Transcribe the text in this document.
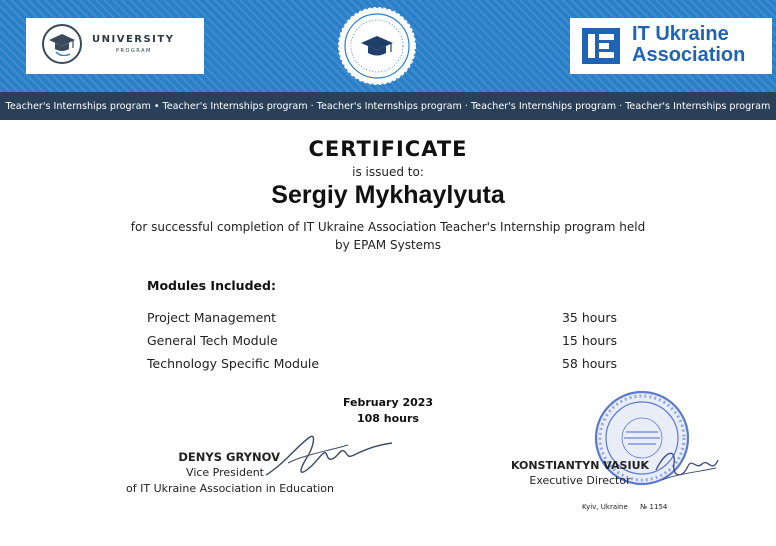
UNIVERSITY
PROGRAM
IT Ukraine
Association
Teacher's Internships program • Teacher's Internships program · Teacher's Internships program · Teacher's Internships program · Teacher's Internships program
CERTIFICATE
is issued to:
Sergiy Mykhaylyuta
for successful completion of IT Ukraine Association Teacher's Internship program held
by EPAM Systems
Modules Included:
Project Management	35 hours
General Tech Module	15 hours
Technology Specific Module	58 hours
February 2023
108 hours
DENYS GRYNOV
Vice President
of IT Ukraine Association in Education
KONSTIANTYN VASIUK
Executive Director
Kyiv, Ukraine № 1154
